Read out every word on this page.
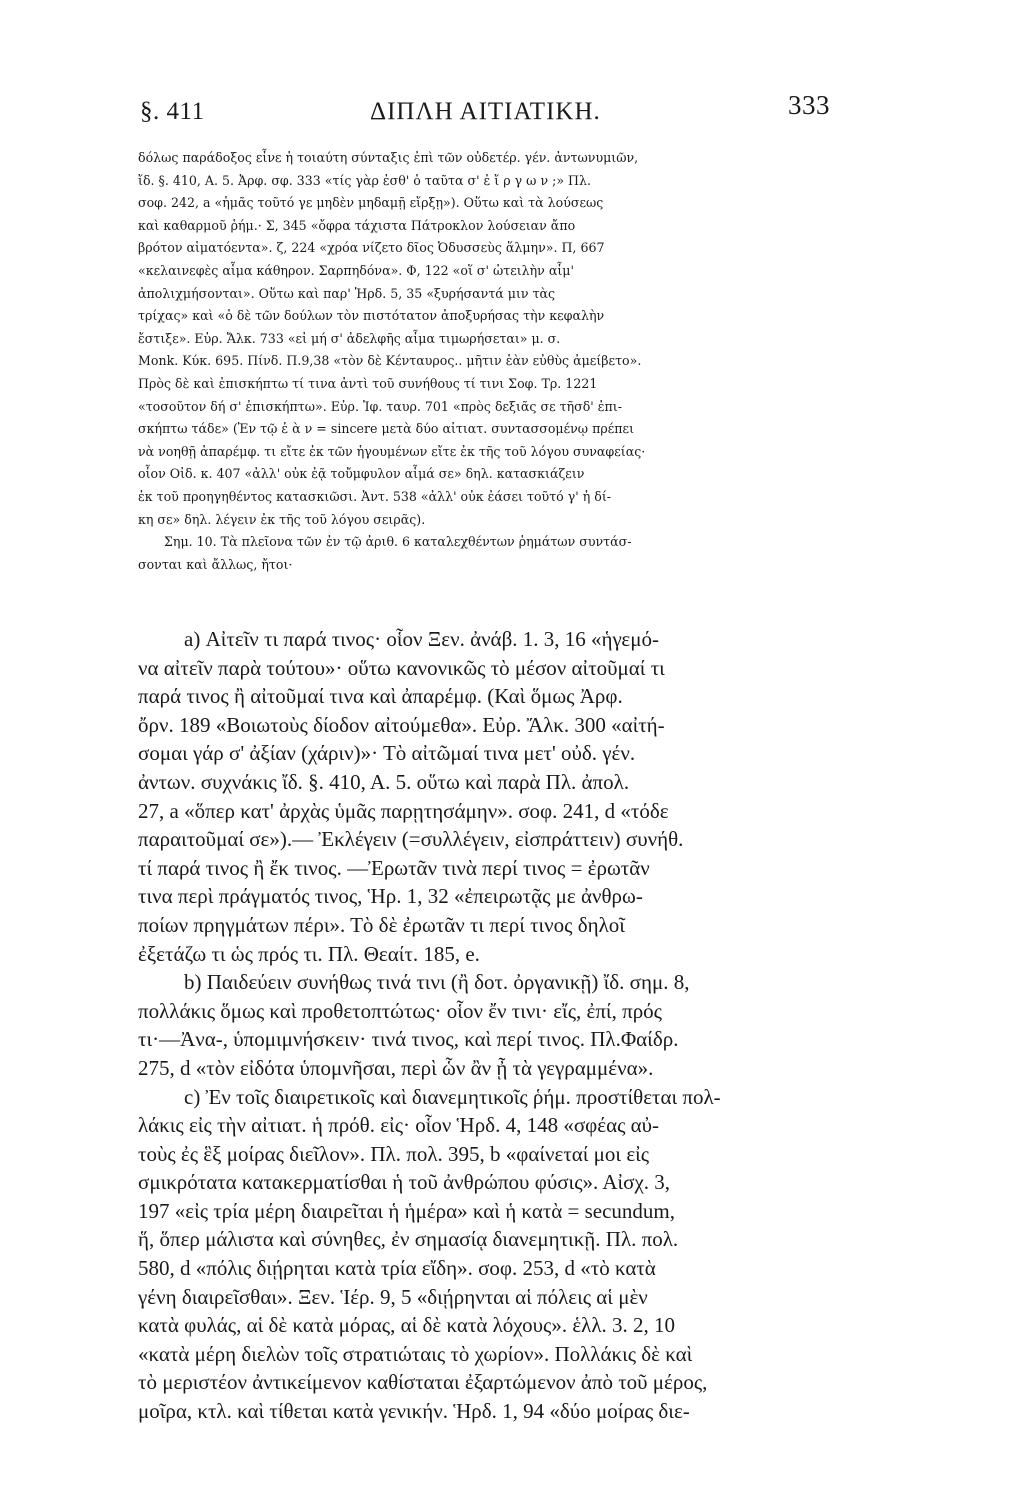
§. 411	ΔΙΠΛΗ ΑΙΤΙΑΤΙΚΗ.	333
δόλως παράδοξος εἶνε ἡ τοιαύτη σύνταξις ἐπὶ τῶν οὐδετέρ. γέν. ἀντωνυμιῶν,
ἴδ. §. 410, Α. 5. Ἀρφ. σφ. 333 «τίς γὰρ ἐσθ' ὁ ταῦτα σ' ἐ ἴ ρ γ ω ν ;» Πλ.
σοφ. 242, a «ἡμᾶς τοῦτό γε μηδὲν μηδαμῇ εἴρξῃ»). Οὕτω καὶ τὰ λούσεως
καὶ καθαρμοῦ ῥήμ.· Σ, 345 «ὄφρα τάχιστα Πάτροκλον λούσειαν ἄπο
βρότον αἱματόεντα». ζ, 224 «χρόα νίζετο δῖος Ὀδυσσεὺς ἅλμην». Π, 667
«κελαινεφὲς αἷμα κάθηρον. Σαρπηδόνα». Φ, 122 «οἵ σ' ὠτειλὴν αἷμ'
ἀπολιχμήσονται». Οὕτω καὶ παρ' Ἡρδ. 5, 35 «ξυρήσαντά μιν τὰς
τρίχας» καὶ «ὁ δὲ τῶν δούλων τὸν πιστότατον ἀποξυρήσας τὴν κεφαλὴν
ἔστιξε». Εὐρ. Ἄλκ. 733 «εἰ μή σ' ἀδελφῆς αἷμα τιμωρήσεται» μ. σ.
Monk. Κύκ. 695. Πίνδ. Π.9,38 «τὸν δὲ Κένταυρος.. μῆτιν ἑὰν εὐθὺς ἀμείβετο».
Πρὸς δὲ καὶ ἐπισκήπτω τί τινα ἀντὶ τοῦ συνήθους τί τινι Σοφ. Τρ. 1221
«τοσοῦτον δή σ' ἐπισκήπτω». Εὐρ. Ἰφ. ταυρ. 701 «πρὸς δεξιᾶς σε τῆσδ' ἐπι-
σκήπτω τάδε» (Ἐν τῷ ἐ ὰ ν = sincere μετὰ δύο αἰτιατ. συντασσομένῳ πρέπει
νὰ νοηθῇ ἀπαρέμφ. τι εἴτε ἐκ τῶν ἡγουμένων εἴτε ἐκ τῆς τοῦ λόγου συναφείας·
οἷον Οἰδ. κ. 407 «ἀλλ' οὐκ ἐᾷ τοὔμφυλον αἷμά σε» δηλ. κατασκιάζειν
ἐκ τοῦ προηγηθέντος κατασκιῶσι. Ἀντ. 538 «ἀλλ' οὐκ ἐάσει τοῦτό γ' ἡ δί-
κη σε» δηλ. λέγειν ἐκ τῆς τοῦ λόγου σειρᾶς).
Σημ. 10. Τὰ πλεῖονα τῶν ἐν τῷ ἀριθ. 6 καταλεχθέντων ῥημάτων συντάσ-
σονται καὶ ἄλλως, ἤτοι·
a) Αἰτεῖν τι παρά τινος· οἷον Ξεν. ἀνάβ. 1. 3, 16 «ἡγεμό-
να αἰτεῖν παρὰ τούτου»· οὕτω κανονικῶς τὸ μέσον αἰτοῦμαί τι
παρά τινος ἢ αἰτοῦμαί τινα καὶ ἀπαρέμφ. (Καὶ ὅμως Ἀρφ.
ὄρν. 189 «Βοιωτοὺς δίοδον αἰτούμεθα». Εὐρ. Ἄλκ. 300 «αἰτή-
σομαι γάρ σ' ἀξίαν (χάριν)»· Τὸ αἰτῶμαί τινα μετ' οὐδ. γέν.
ἀντων. συχνάκις ἴδ. §. 410, Α. 5. οὕτω καὶ παρὰ Πλ. ἀπολ.
27, a «ὅπερ κατ' ἀρχὰς ὑμᾶς παρῃτησάμην». σοφ. 241, d «τόδε
παραιτοῦμαί σε»).— Ἐκλέγειν (=συλλέγειν, εἰσπράττειν) συνήθ.
τί παρά τινος ἢ ἔκ τινος. —Ἐρωτᾶν τινὰ περί τινος = ἐρωτᾶν
τινα περὶ πράγματός τινος, Ἡρ. 1, 32 «ἐπειρωτᾷς με ἀνθρω-
ποίων πρηγμάτων πέρι». Τὸ δὲ ἐρωτᾶν τι περί τινος δηλοῖ
ἐξετάζω τι ὡς πρός τι. Πλ. Θεαίτ. 185, e.
b) Παιδεύειν συνήθως τινά τινι (ἢ δοτ. ὀργανικῇ) ἴδ. σημ. 8,
πολλάκις ὅμως καὶ προθετοπτώτως· οἷον ἔν τινι· εἴς, ἐπί, πρός
τι·—Ἀνα-, ὑπομιμνήσκειν· τινά τινος, καὶ περί τινος. Πλ.Φαίδρ.
275, d «τὸν εἰδότα ὑπομνῆσαι, περὶ ὧν ἂν ᾖ τὰ γεγραμμένα».
c) Ἐν τοῖς διαιρετικοῖς καὶ διανεμητικοῖς ῥήμ. προστίθεται πολ-
λάκις εἰς τὴν αἰτιατ. ἡ πρόθ. εἰς· οἷον Ἡρδ. 4, 148 «σφέας αὐ-
τοὺς ἐς ἓξ μοίρας διεῖλον». Πλ. πολ. 395, b «φαίνεταί μοι εἰς
σμικρότατα κατακερματίσθαι ἡ τοῦ ἀνθρώπου φύσις». Αἰσχ. 3,
197 «εἰς τρία μέρη διαιρεῖται ἡ ἡμέρα» καὶ ἡ κατὰ = secundum,
ἥ, ὅπερ μάλιστα καὶ σύνηθες, ἐν σημασίᾳ διανεμητικῇ. Πλ. πολ.
580, d «πόλις διῄρηται κατὰ τρία εἴδη». σοφ. 253, d «τὸ κατὰ
γένη διαιρεῖσθαι». Ξεν. Ἱέρ. 9, 5 «διῄρηνται αἱ πόλεις αἱ μὲν
κατὰ φυλάς, αἱ δὲ κατὰ μόρας, αἱ δὲ κατὰ λόχους». ἑλλ. 3. 2, 10
«κατὰ μέρη διελὼν τοῖς στρατιώταις τὸ χωρίον». Πολλάκις δὲ καὶ
τὸ μεριστέον ἀντικείμενον καθίσταται ἐξαρτώμενον ἀπὸ τοῦ μέρος,
μοῖρα, κτλ. καὶ τίθεται κατὰ γενικήν. Ἡρδ. 1, 94 «δύο μοίρας διε-
